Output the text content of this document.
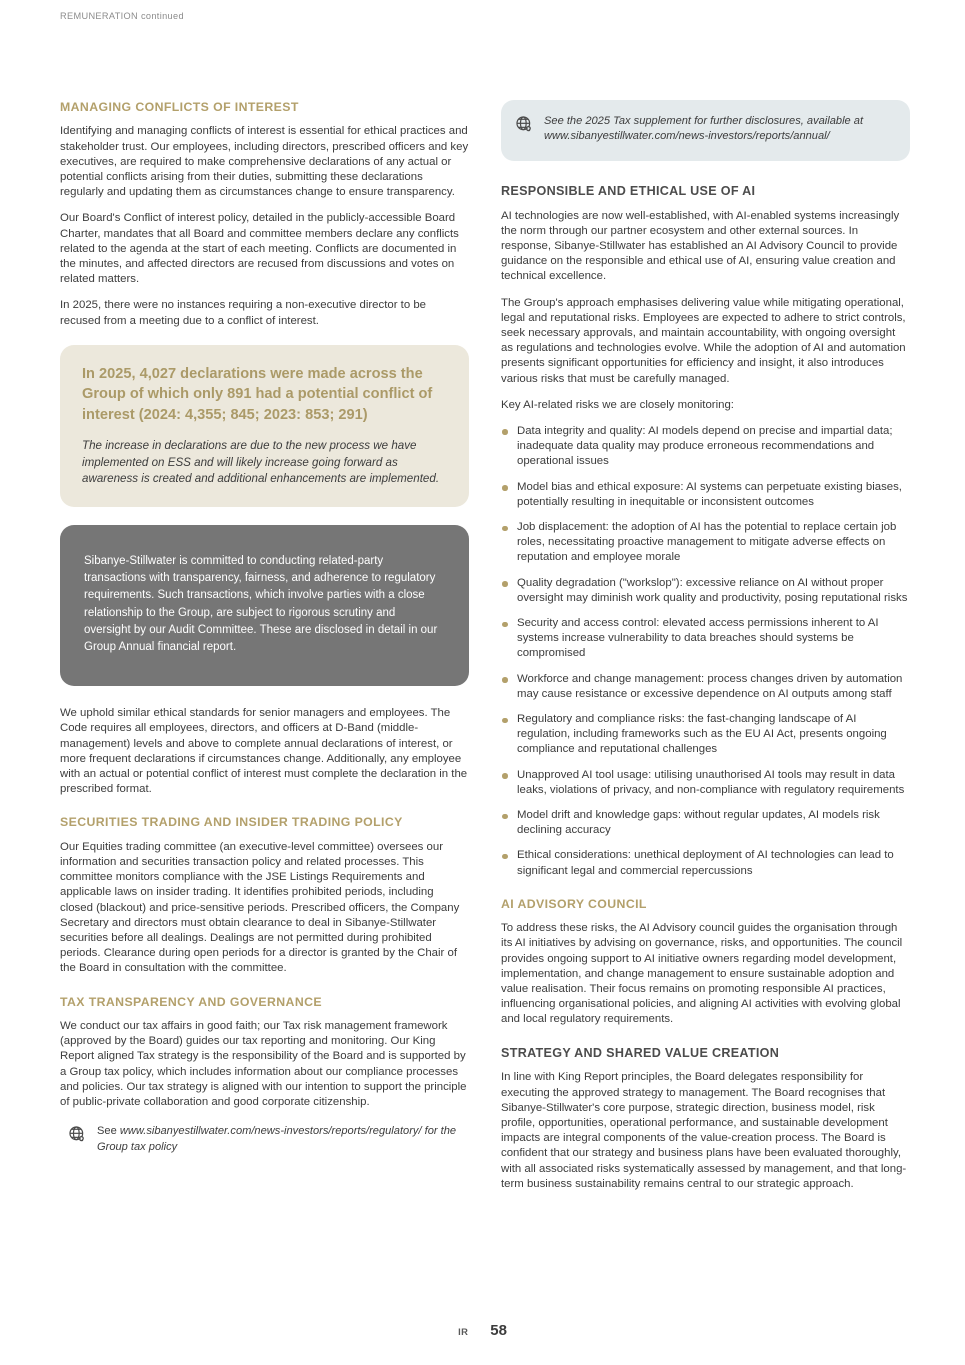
REMUNERATION continued
MANAGING CONFLICTS OF INTEREST

Identifying and managing conflicts of interest is essential for ethical practices and stakeholder trust. Our employees, including directors, prescribed officers and key executives, are required to make comprehensive declarations of any actual or potential conflicts arising from their duties, submitting these declarations regularly and updating them as circumstances change to ensure transparency.

Our Board's Conflict of interest policy, detailed in the publicly-accessible Board Charter, mandates that all Board and committee members declare any conflicts related to the agenda at the start of each meeting. Conflicts are documented in the minutes, and affected directors are recused from discussions and votes on related matters.

In 2025, there were no instances requiring a non-executive director to be recused from a meeting due to a conflict of interest.

In 2025, 4,027 declarations were made across the Group of which only 891 had a potential conflict of interest (2024: 4,355; 845; 2023: 853; 291)
The increase in declarations are due to the new process we have implemented on ESS and will likely increase going forward as awareness is created and additional enhancements are implemented.

Sibanye-Stillwater is committed to conducting related-party transactions with transparency, fairness, and adherence to regulatory requirements. Such transactions, which involve parties with a close relationship to the Group, are subject to rigorous scrutiny and oversight by our Audit Committee. These are disclosed in detail in our Group Annual financial report.

We uphold similar ethical standards for senior managers and employees. The Code requires all employees, directors, and officers at D-Band (middle-management) levels and above to complete annual declarations of interest, or more frequent declarations if circumstances change. Additionally, any employee with an actual or potential conflict of interest must complete the declaration in the prescribed format.

SECURITIES TRADING AND INSIDER TRADING POLICY

Our Equities trading committee (an executive-level committee) oversees our information and securities transaction policy and related processes. This committee monitors compliance with the JSE Listings Requirements and applicable laws on insider trading. It identifies prohibited periods, including closed (blackout) and price-sensitive periods. Prescribed officers, the Company Secretary and directors must obtain clearance to deal in Sibanye-Stillwater securities before all dealings. Dealings are not permitted during prohibited periods. Clearance during open periods for a director is granted by the Chair of the Board in consultation with the committee.

TAX TRANSPARENCY AND GOVERNANCE

We conduct our tax affairs in good faith; our Tax risk management framework (approved by the Board) guides our tax reporting and monitoring. Our King Report aligned Tax strategy is the responsibility of the Board and is supported by a Group tax policy, which includes information about our compliance processes and policies. Our tax strategy is aligned with our intention to support the principle of public-private collaboration and good corporate citizenship.

See www.sibanyestillwater.com/news-investors/reports/regulatory/ for the Group tax policy
See the 2025 Tax supplement for further disclosures, available at www.sibanyestillwater.com/news-investors/reports/annual/
RESPONSIBLE AND ETHICAL USE OF AI

AI technologies are now well-established, with AI-enabled systems increasingly the norm through our partner ecosystem and other external sources. In response, Sibanye-Stillwater has established an AI Advisory Council to provide guidance on the responsible and ethical use of AI, ensuring value creation and technical excellence.

The Group's approach emphasises delivering value while mitigating operational, legal and reputational risks. Employees are expected to adhere to strict controls, seek necessary approvals, and maintain accountability, with ongoing oversight as regulations and technologies evolve. While the adoption of AI and automation presents significant opportunities for efficiency and insight, it also introduces various risks that must be carefully managed.

Key AI-related risks we are closely monitoring:

Data integrity and quality: AI models depend on precise and impartial data; inadequate data quality may produce erroneous recommendations and operational issues
Model bias and ethical exposure: AI systems can perpetuate existing biases, potentially resulting in inequitable or inconsistent outcomes
Job displacement: the adoption of AI has the potential to replace certain job roles, necessitating proactive management to mitigate adverse effects on reputation and employee morale
Quality degradation ("workslop"): excessive reliance on AI without proper oversight may diminish work quality and productivity, posing reputational risks
Security and access control: elevated access permissions inherent to AI systems increase vulnerability to data breaches should systems be compromised
Workforce and change management: process changes driven by automation may cause resistance or excessive dependence on AI outputs among staff
Regulatory and compliance risks: the fast-changing landscape of AI regulation, including frameworks such as the EU AI Act, presents ongoing compliance and reputational challenges
Unapproved AI tool usage: utilising unauthorised AI tools may result in data leaks, violations of privacy, and non-compliance with regulatory requirements
Model drift and knowledge gaps: without regular updates, AI models risk declining accuracy
Ethical considerations: unethical deployment of AI technologies can lead to significant legal and commercial repercussions
AI ADVISORY COUNCIL

To address these risks, the AI Advisory council guides the organisation through its AI initiatives by advising on governance, risks, and opportunities. The council provides ongoing support to AI initiative owners regarding model development, implementation, and change management to ensure sustainable adoption and value realisation. Their focus remains on promoting responsible AI practices, influencing organisational policies, and aligning AI activities with evolving global and local regulatory requirements.

STRATEGY AND SHARED VALUE CREATION

In line with King Report principles, the Board delegates responsibility for executing the approved strategy to management. The Board recognises that Sibanye-Stillwater's core purpose, strategic direction, business model, risk profile, opportunities, operational performance, and sustainable development impacts are integral components of the value-creation process. The Board is confident that our strategy and business plans have been evaluated thoroughly, with all associated risks systematically assessed by management, and that long-term business sustainability remains central to our strategic approach.

IR 58
